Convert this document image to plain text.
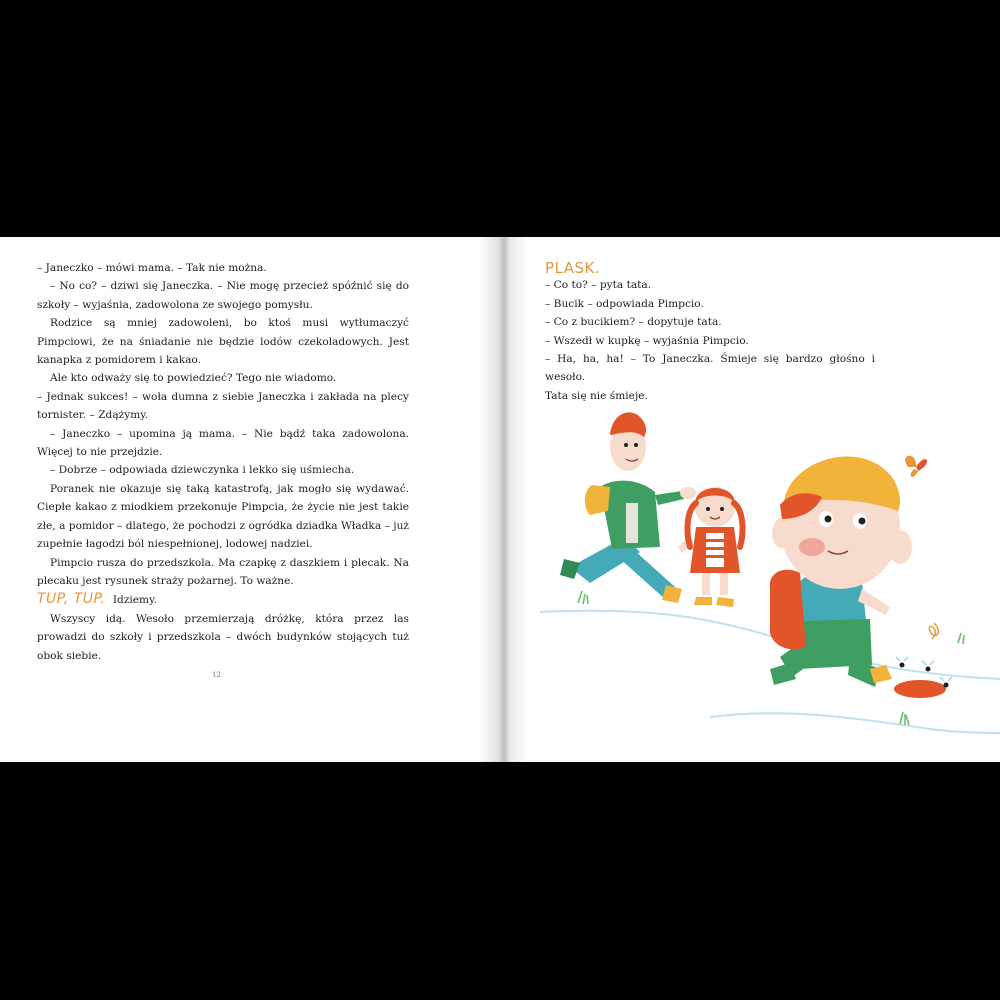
– Janeczko – mówi mama. – Tak nie można.

– No co? – dziwi się Janeczka. – Nie mogę przecież spóźnić się do szkoły – wyjaśnia, zadowolona ze swojego pomysłu.

Rodzice są mniej zadowoleni, bo ktoś musi wytłumaczyć Pimpciowi, że na śniadanie nie będzie lodów czekoladowych. Jest kanapka z pomidorem i kakao.

Ale kto odważy się to powiedzieć? Tego nie wiadomo.

– Jednak sukces! – woła dumna z siebie Janeczka i zakłada na plecy tornister. – Zdążymy.

– Janeczko – upomina ją mama. – Nie bądź taka zadowolona. Więcej to nie przejdzie.

– Dobrze – odpowiada dziewczynka i lekko się uśmiecha.

Poranek nie okazuje się taką katastrofą, jak mogło się wydawać. Ciepłe kakao z miodkiem przekonuje Pimpcia, że życie nie jest takie złe, a pomidor – dlatego, że pochodzi z ogródka dziadka Władka – już zupełnie łagodzi ból niespełnionej, lodowej nadziei.

Pimpcio rusza do przedszkola. Ma czapkę z daszkiem i plecak. Na plecaku jest rysunek straży pożarnej. To ważne.

TUP, TUP. Idziemy.

Wszyscy idą. Wesoło przemierzają dróżkę, która przez las prowadzi do szkoły i przedszkola – dwóch budynków stojących tuż obok siebie.

12
PLASK.

– Co to? – pyta tata.

– Bucik – odpowiada Pimpcio.

– Co z bucikiem? – dopytuje tata.

– Wszedł w kupkę – wyjaśnia Pimpcio.

– Ha, ha, ha! – To Janeczka. Śmieje się bardzo głośno i wesoło.

Tata się nie śmieje.
